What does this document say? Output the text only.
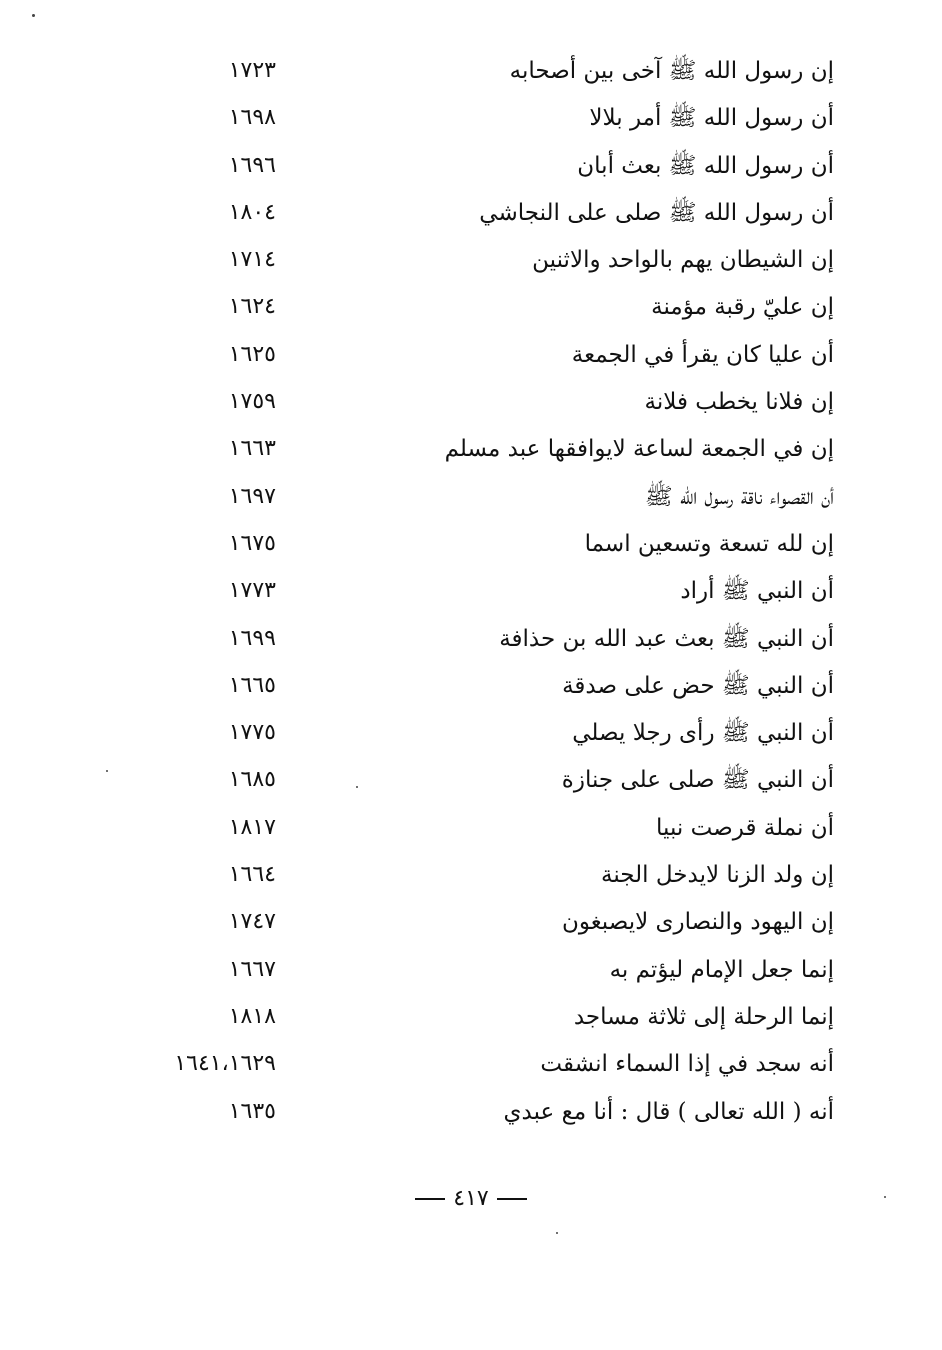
إن رسول الله ﷺ آخى بين أصحابه
١٧٢٣
أن رسول الله ﷺ أمر بلالا
١٦٩٨
أن رسول الله ﷺ بعث أبان
١٦٩٦
أن رسول الله ﷺ صلى على النجاشي
١٨٠٤
إن الشيطان يهم بالواحد والاثنين
١٧١٤
إن عليّ رقبة مؤمنة
١٦٢٤
أن عليا كان يقرأ في الجمعة
١٦٢٥
إن فلانا يخطب فلانة
١٧٥٩
إن في الجمعة لساعة لايوافقها عبد مسلم
١٦٦٣
أن القصواء ناقة رسول الله ﷺ
١٦٩٧
إن لله تسعة وتسعين اسما
١٦٧٥
أن النبي ﷺ أراد
١٧٧٣
أن النبي ﷺ بعث عبد الله بن حذافة
١٦٩٩
أن النبي ﷺ حض على صدقة
١٦٦٥
أن النبي ﷺ رأى رجلا يصلي
١٧٧٥
أن النبي ﷺ صلى على جنازة
١٦٨٥
أن نملة قرصت نبيا
١٨١٧
إن ولد الزنا لايدخل الجنة
١٦٦٤
إن اليهود والنصارى لايصبغون
١٧٤٧
إنما جعل الإمام ليؤتم به
١٦٦٧
إنما الرحلة إلى ثلاثة مساجد
١٨١٨
أنه سجد في إذا السماء انشقت
١٦٤١،١٦٢٩
أنه ( الله تعالى ) قال : أنا مع عبدي
١٦٣٥
٤١٧
